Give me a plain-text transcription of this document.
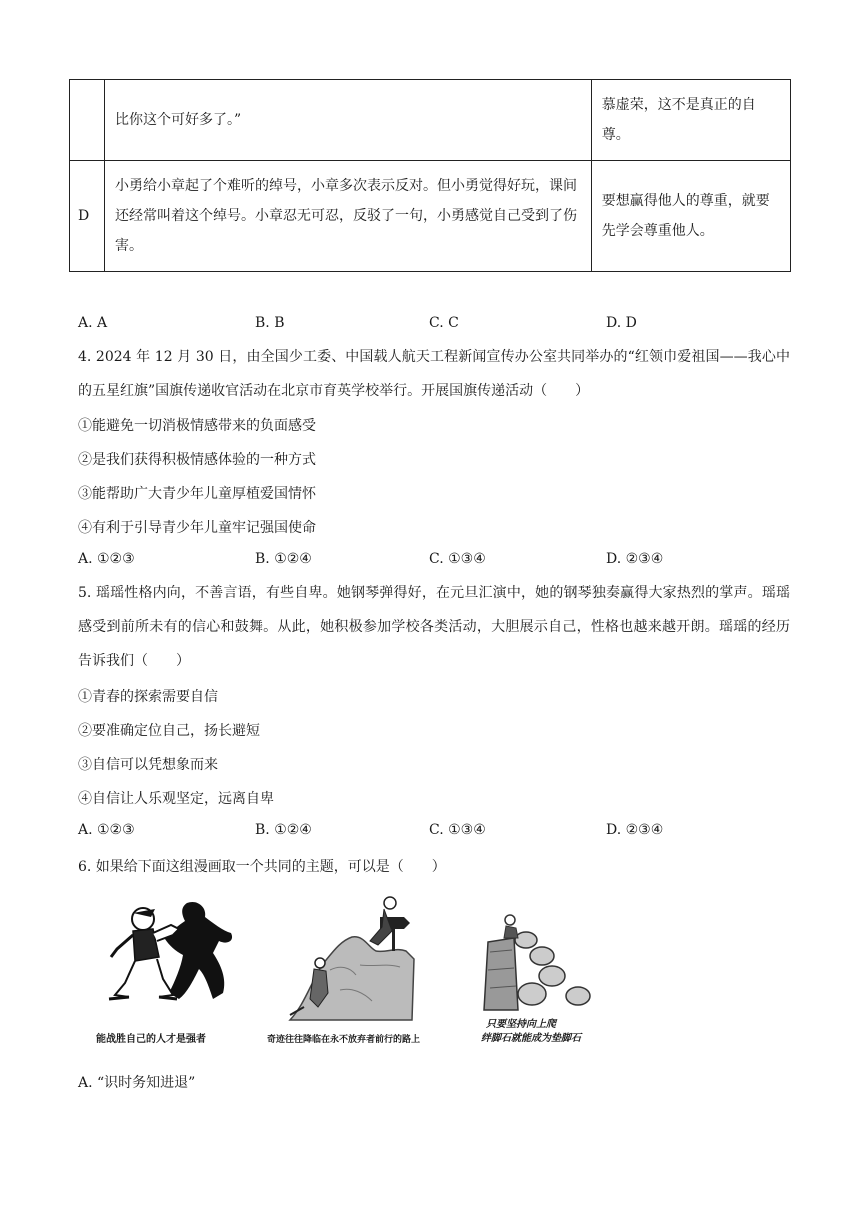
	比你这个可好多了。”	慕虚荣，这不是真正的自尊。
D	小勇给小章起了个难听的绰号，小章多次表示反对。但小勇觉得好玩，课间还经常叫着这个绰号。小章忍无可忍，反驳了一句，小勇感觉自己受到了伤害。	要想赢得他人的尊重，就要先学会尊重他人。
A. A	B. B	C. C	D. D
4. 2024 年 12 月 30 日，由全国少工委、中国载人航天工程新闻宣传办公室共同举办的“红领巾爱祖国——我心中的五星红旗”国旗传递收官活动在北京市育英学校举行。开展国旗传递活动（　　）
①能避免一切消极情感带来的负面感受
②是我们获得积极情感体验的一种方式
③能帮助广大青少年儿童厚植爱国情怀
④有利于引导青少年儿童牢记强国使命
A. ①②③	B. ①②④	C. ①③④	D. ②③④
5. 瑶瑶性格内向，不善言语，有些自卑。她钢琴弹得好，在元旦汇演中，她的钢琴独奏赢得大家热烈的掌声。瑶瑶感受到前所未有的信心和鼓舞。从此，她积极参加学校各类活动，大胆展示自己，性格也越来越开朗。瑶瑶的经历告诉我们（　　）
①青春的探索需要自信
②要准确定位自己，扬长避短
③自信可以凭想象而来
④自信让人乐观坚定，远离自卑
A. ①②③	B. ①②④	C. ①③④	D. ②③④
6. 如果给下面这组漫画取一个共同的主题，可以是（　　）
能战胜自己的人才是强者	奇迹往往降临在永不放弃者前行的路上
只要坚持向上爬
绊脚石就能成为垫脚石
A. “识时务知进退”
